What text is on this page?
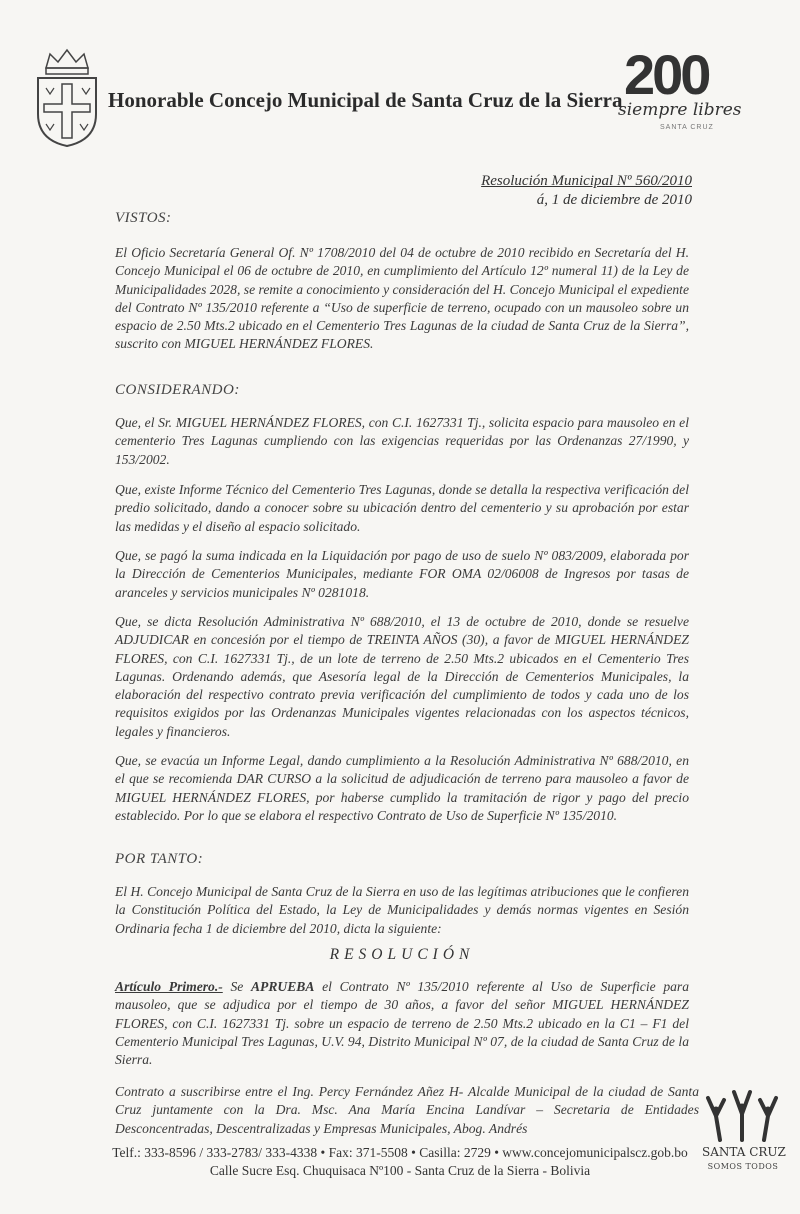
Honorable Concejo Municipal de Santa Cruz de la Sierra 200
siempre libres
SANTA CRUZ
Resolución Municipal Nº 560/2010
á, 1 de diciembre de 2010
VISTOS:

El Oficio Secretaría General Of. Nº 1708/2010 del 04 de octubre de 2010 recibido en Secretaría del H. Concejo Municipal el 06 de octubre de 2010, en cumplimiento del Artículo 12º numeral 11) de la Ley de Municipalidades 2028, se remite a conocimiento y consideración del H. Concejo Municipal el expediente del Contrato Nº 135/2010 referente a “Uso de superficie de terreno, ocupado con un mausoleo sobre un espacio de 2.50 Mts.2 ubicado en el Cementerio Tres Lagunas de la ciudad de Santa Cruz de la Sierra”, suscrito con MIGUEL HERNÁNDEZ FLORES.

CONSIDERANDO:

Que, el Sr. MIGUEL HERNÁNDEZ FLORES, con C.I. 1627331 Tj., solicita espacio para mausoleo en el cementerio Tres Lagunas cumpliendo con las exigencias requeridas por las Ordenanzas 27/1990, y 153/2002.

Que, existe Informe Técnico del Cementerio Tres Lagunas, donde se detalla la respectiva verificación del predio solicitado, dando a conocer sobre su ubicación dentro del cementerio y su aprobación por estar las medidas y el diseño al espacio solicitado.

Que, se pagó la suma indicada en la Liquidación por pago de uso de suelo Nº 083/2009, elaborada por la Dirección de Cementerios Municipales, mediante FOR OMA 02/06008 de Ingresos por tasas de aranceles y servicios municipales Nº 0281018.

Que, se dicta Resolución Administrativa Nº 688/2010, el 13 de octubre de 2010, donde se resuelve ADJUDICAR en concesión por el tiempo de TREINTA AÑOS (30), a favor de MIGUEL HERNÁNDEZ FLORES, con C.I. 1627331 Tj., de un lote de terreno de 2.50 Mts.2 ubicados en el Cementerio Tres Lagunas. Ordenando además, que Asesoría legal de la Dirección de Cementerios Municipales, la elaboración del respectivo contrato previa verificación del cumplimiento de todos y cada uno de los requisitos exigidos por las Ordenanzas Municipales vigentes relacionadas con los aspectos técnicos, legales y financieros.

Que, se evacúa un Informe Legal, dando cumplimiento a la Resolución Administrativa Nº 688/2010, en el que se recomienda DAR CURSO a la solicitud de adjudicación de terreno para mausoleo a favor de MIGUEL HERNÁNDEZ FLORES, por haberse cumplido la tramitación de rigor y pago del precio establecido. Por lo que se elabora el respectivo Contrato de Uso de Superficie Nº 135/2010.

POR TANTO:

El H. Concejo Municipal de Santa Cruz de la Sierra en uso de las legítimas atribuciones que le confieren la Constitución Política del Estado, la Ley de Municipalidades y demás normas vigentes en Sesión Ordinaria fecha 1 de diciembre del 2010, dicta la siguiente:

RESOLUCIÓN

Artículo Primero.- Se APRUEBA el Contrato Nº 135/2010 referente al Uso de Superficie para mausoleo, que se adjudica por el tiempo de 30 años, a favor del señor MIGUEL HERNÁNDEZ FLORES, con C.I. 1627331 Tj. sobre un espacio de terreno de 2.50 Mts.2 ubicado en la C1 – F1 del Cementerio Municipal Tres Lagunas, U.V. 94, Distrito Municipal Nº 07, de la ciudad de Santa Cruz de la Sierra.

Contrato a suscribirse entre el Ing. Percy Fernández Añez H- Alcalde Municipal de la ciudad de Santa Cruz juntamente con la Dra. Msc. Ana María Encina Landívar – Secretaria de Entidades Desconcentradas, Descentralizadas y Empresas Municipales, Abog. Andrés

SANTA CRUZ
SOMOS TODOS
Telf.: 333-8596 / 333-2783/ 333-4338 • Fax: 371-5508 • Casilla: 2729 • www.concejomunicipalscz.gob.bo
Calle Sucre Esq. Chuquisaca Nº100 - Santa Cruz de la Sierra - Bolivia
